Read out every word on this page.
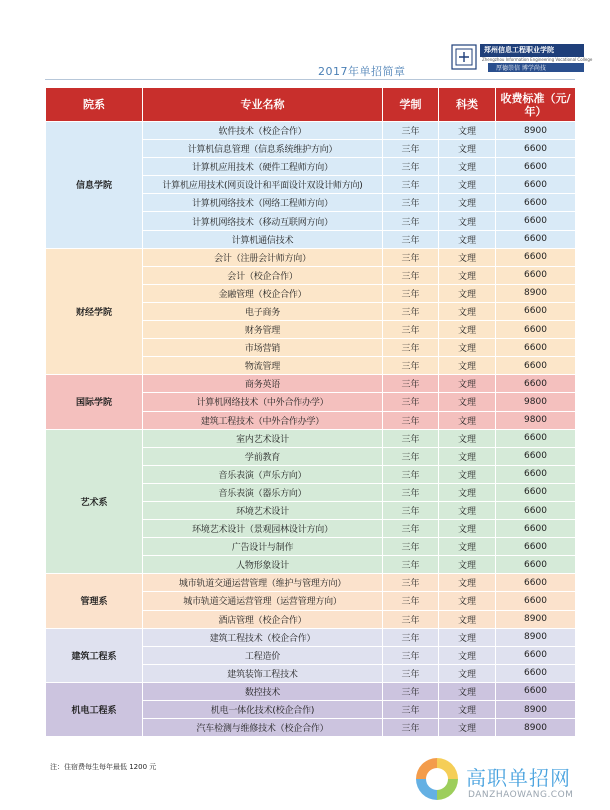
2017年单招简章
郑州信息工程职业学院
Zhengzhou Information Engineering Vocational College
厚德崇信 博学尚技
院系	专业名称	学制	科类	收费标准（元/年）
信息学院	软件技术（校企合作）	三年	文理	8900
	计算机信息管理（信息系统维护方向）	三年	文理	6600
	计算机应用技术（硬件工程师方向）	三年	文理	6600
	计算机应用技术(网页设计和平面设计双设计师方向)	三年	文理	6600
	计算机网络技术（网络工程师方向）	三年	文理	6600
	计算机网络技术（移动互联网方向）	三年	文理	6600
	计算机通信技术	三年	文理	6600
财经学院	会计（注册会计师方向）	三年	文理	6600
	会计（校企合作）	三年	文理	6600
	金融管理（校企合作）	三年	文理	8900
	电子商务	三年	文理	6600
	财务管理	三年	文理	6600
	市场营销	三年	文理	6600
	物流管理	三年	文理	6600
国际学院	商务英语	三年	文理	6600
	计算机网络技术（中外合作办学）	三年	文理	9800
	建筑工程技术（中外合作办学）	三年	文理	9800
艺术系	室内艺术设计	三年	文理	6600
	学前教育	三年	文理	6600
	音乐表演（声乐方向）	三年	文理	6600
	音乐表演（器乐方向）	三年	文理	6600
	环境艺术设计	三年	文理	6600
	环境艺术设计（景观园林设计方向）	三年	文理	6600
	广告设计与制作	三年	文理	6600
	人物形象设计	三年	文理	6600
管理系	城市轨道交通运营管理（维护与管理方向）	三年	文理	6600
	城市轨道交通运营管理（运营管理方向）	三年	文理	6600
	酒店管理（校企合作）	三年	文理	8900
建筑工程系	建筑工程技术（校企合作）	三年	文理	8900
	工程造价	三年	文理	6600
	建筑装饰工程技术	三年	文理	6600
机电工程系	数控技术	三年	文理	6600
	机电一体化技术(校企合作)	三年	文理	8900
	汽车检测与维修技术（校企合作）	三年	文理	8900
注：住宿费每生每年最低 1200 元	高职单招网
DANZHAOWANG.COM
